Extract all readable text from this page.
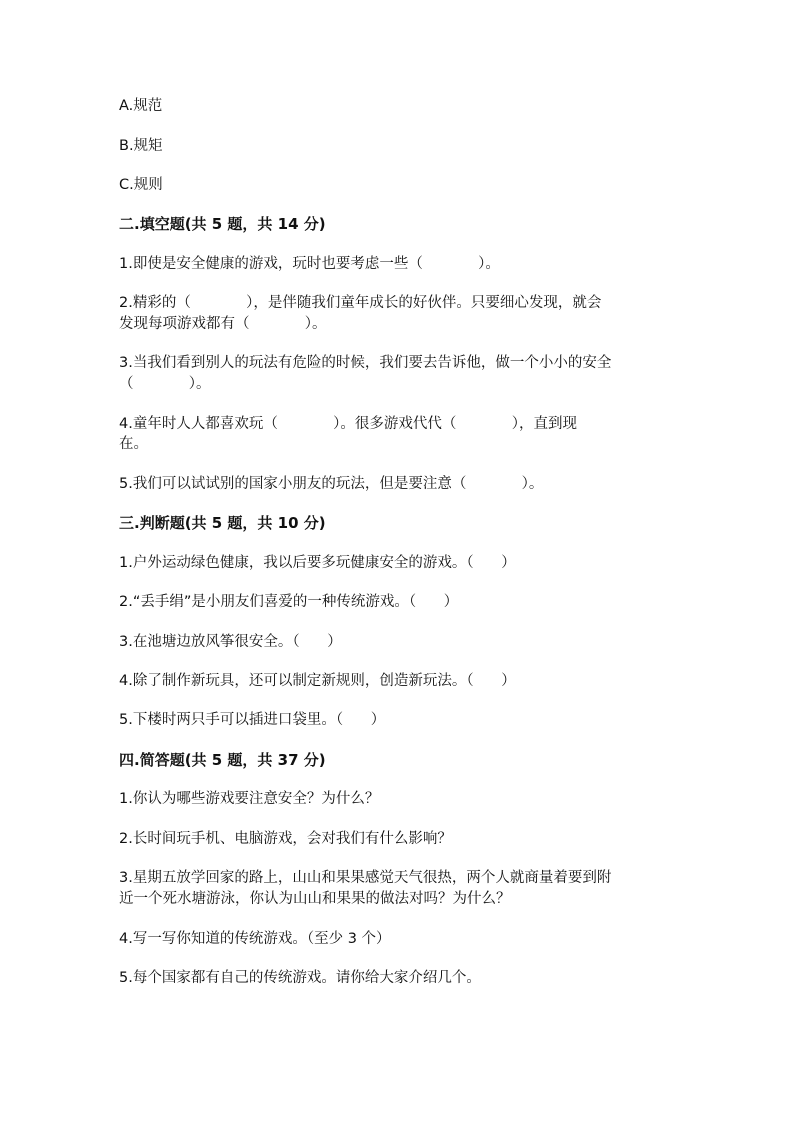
A.规范
B.规矩
C.规则
二.填空题(共 5 题，共 14 分)
1.即使是安全健康的游戏，玩时也要考虑一些（            ）。
2.精彩的（            ），是伴随我们童年成长的好伙伴。只要细心发现，就会
发现每项游戏都有（            ）。
3.当我们看到别人的玩法有危险的时候，我们要去告诉他，做一个小小的安全
（            ）。
4.童年时人人都喜欢玩（            ）。很多游戏代代（            ），直到现
在。
5.我们可以试试别的国家小朋友的玩法，但是要注意（            ）。
三.判断题(共 5 题，共 10 分)
1.户外运动绿色健康，我以后要多玩健康安全的游戏。（      ）
2.“丢手绢”是小朋友们喜爱的一种传统游戏。（      ）
3.在池塘边放风筝很安全。（      ）
4.除了制作新玩具，还可以制定新规则，创造新玩法。（      ）
5.下楼时两只手可以插进口袋里。（      ）
四.简答题(共 5 题，共 37 分)
1.你认为哪些游戏要注意安全？为什么？
2.长时间玩手机、电脑游戏，会对我们有什么影响？
3.星期五放学回家的路上，山山和果果感觉天气很热，两个人就商量着要到附
近一个死水塘游泳，你认为山山和果果的做法对吗？为什么？
4.写一写你知道的传统游戏。（至少 3 个）
5.每个国家都有自己的传统游戏。请你给大家介绍几个。
